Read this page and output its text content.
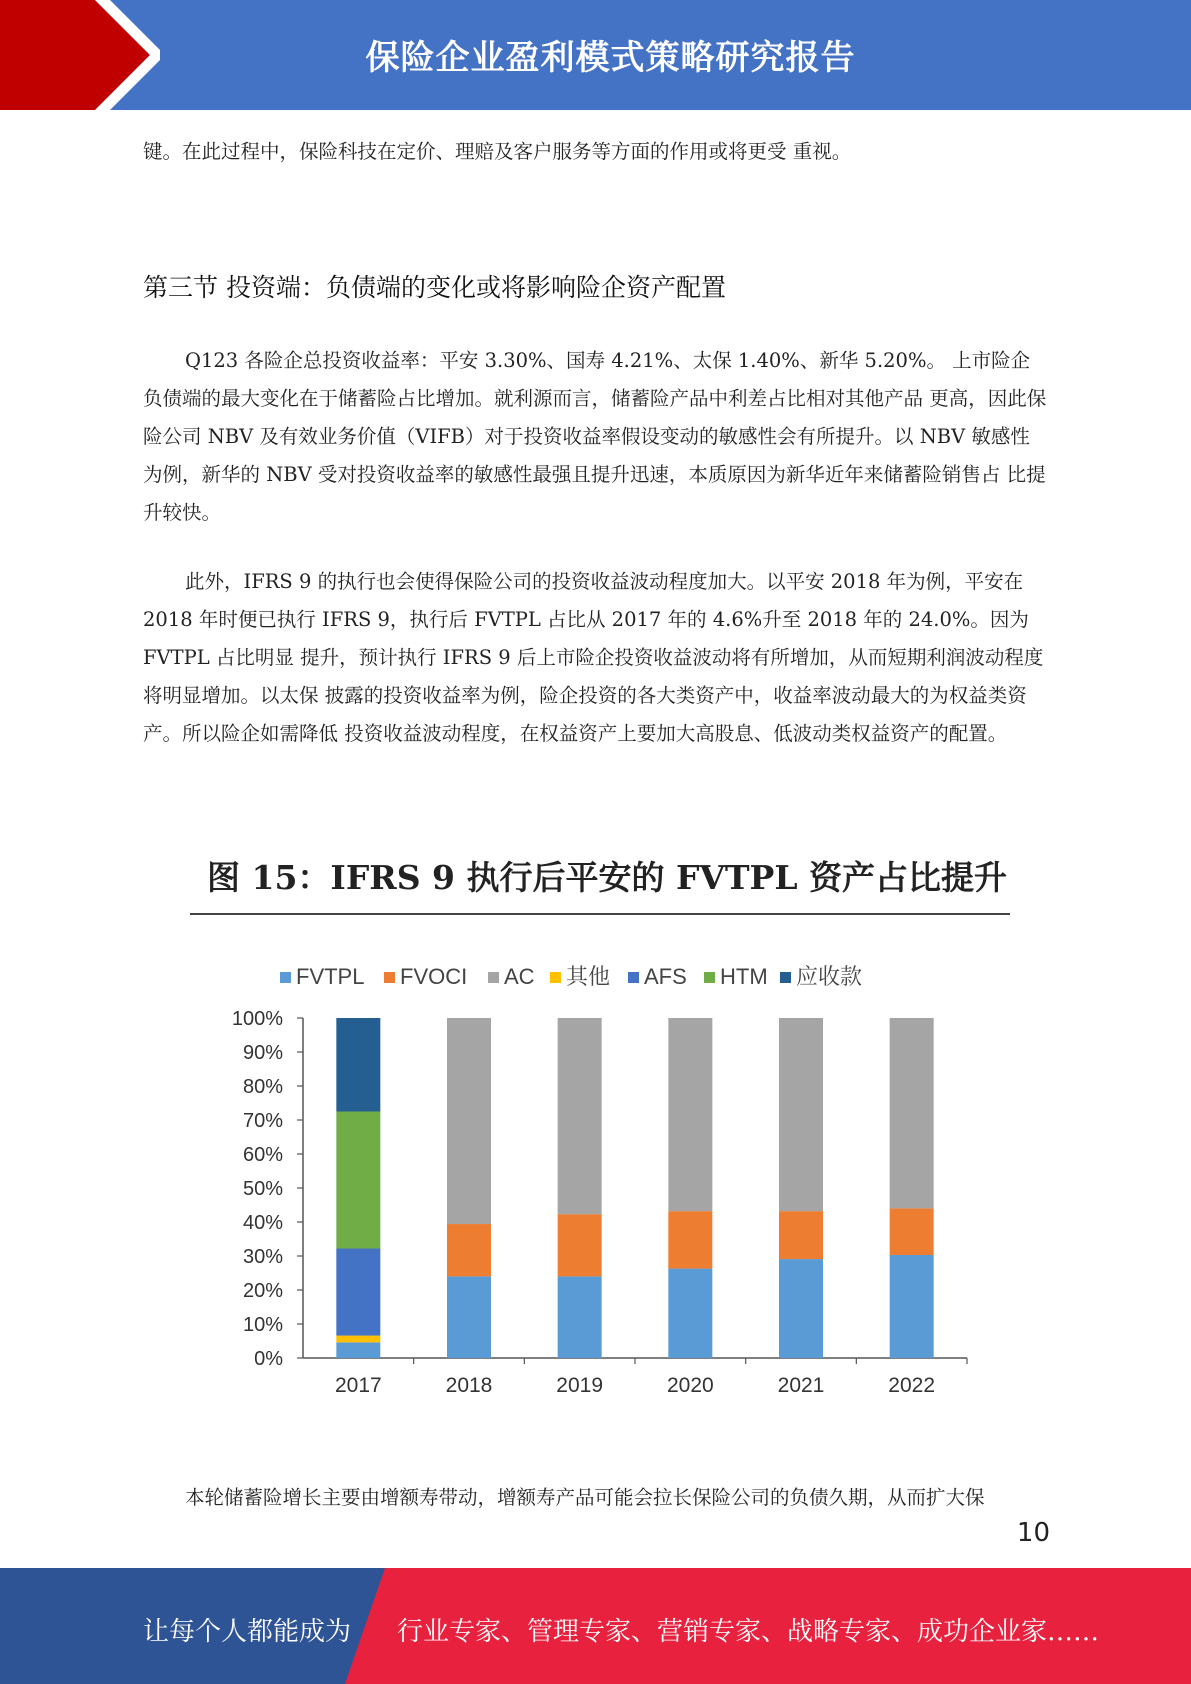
保险企业盈利模式策略研究报告
键。在此过程中，保险科技在定价、理赔及客户服务等方面的作用或将更受 重视。
第三节 投资端：负债端的变化或将影响险企资产配置
Q123 各险企总投资收益率：平安 3.30%、国寿 4.21%、太保 1.40%、新华 5.20%。 上市险企负债端的最大变化在于储蓄险占比增加。就利源而言，储蓄险产品中利差占比相对其他产品 更高，因此保险公司 NBV 及有效业务价值（VIFB）对于投资收益率假设变动的敏感性会有所提升。以 NBV 敏感性为例，新华的 NBV 受对投资收益率的敏感性最强且提升迅速，本质原因为新华近年来储蓄险销售占 比提升较快。
此外，IFRS 9 的执行也会使得保险公司的投资收益波动程度加大。以平安 2018 年为例，平安在 2018 年时便已执行 IFRS 9，执行后 FVTPL 占比从 2017 年的 4.6%升至 2018 年的 24.0%。因为 FVTPL 占比明显 提升，预计执行 IFRS 9 后上市险企投资收益波动将有所增加，从而短期利润波动程度将明显增加。以太保 披露的投资收益率为例，险企投资的各大类资产中，收益率波动最大的为权益类资产。所以险企如需降低 投资收益波动程度，在权益资产上要加大高股息、低波动类权益资产的配置。
图 15：IFRS 9 执行后平安的 FVTPL 资产占比提升
FVTPL FVOCI AC 其他 AFS HTM 应收款
0%
10%
20%
30%
40%
50%
60%
70%
80%
90%
100%
2017	2018	2019	2020	2021	2022
本轮储蓄险增长主要由增额寿带动，增额寿产品可能会拉长保险公司的负债久期，从而扩大保
10
让每个人都能成为 行业专家、管理专家、营销专家、战略专家、成功企业家……
